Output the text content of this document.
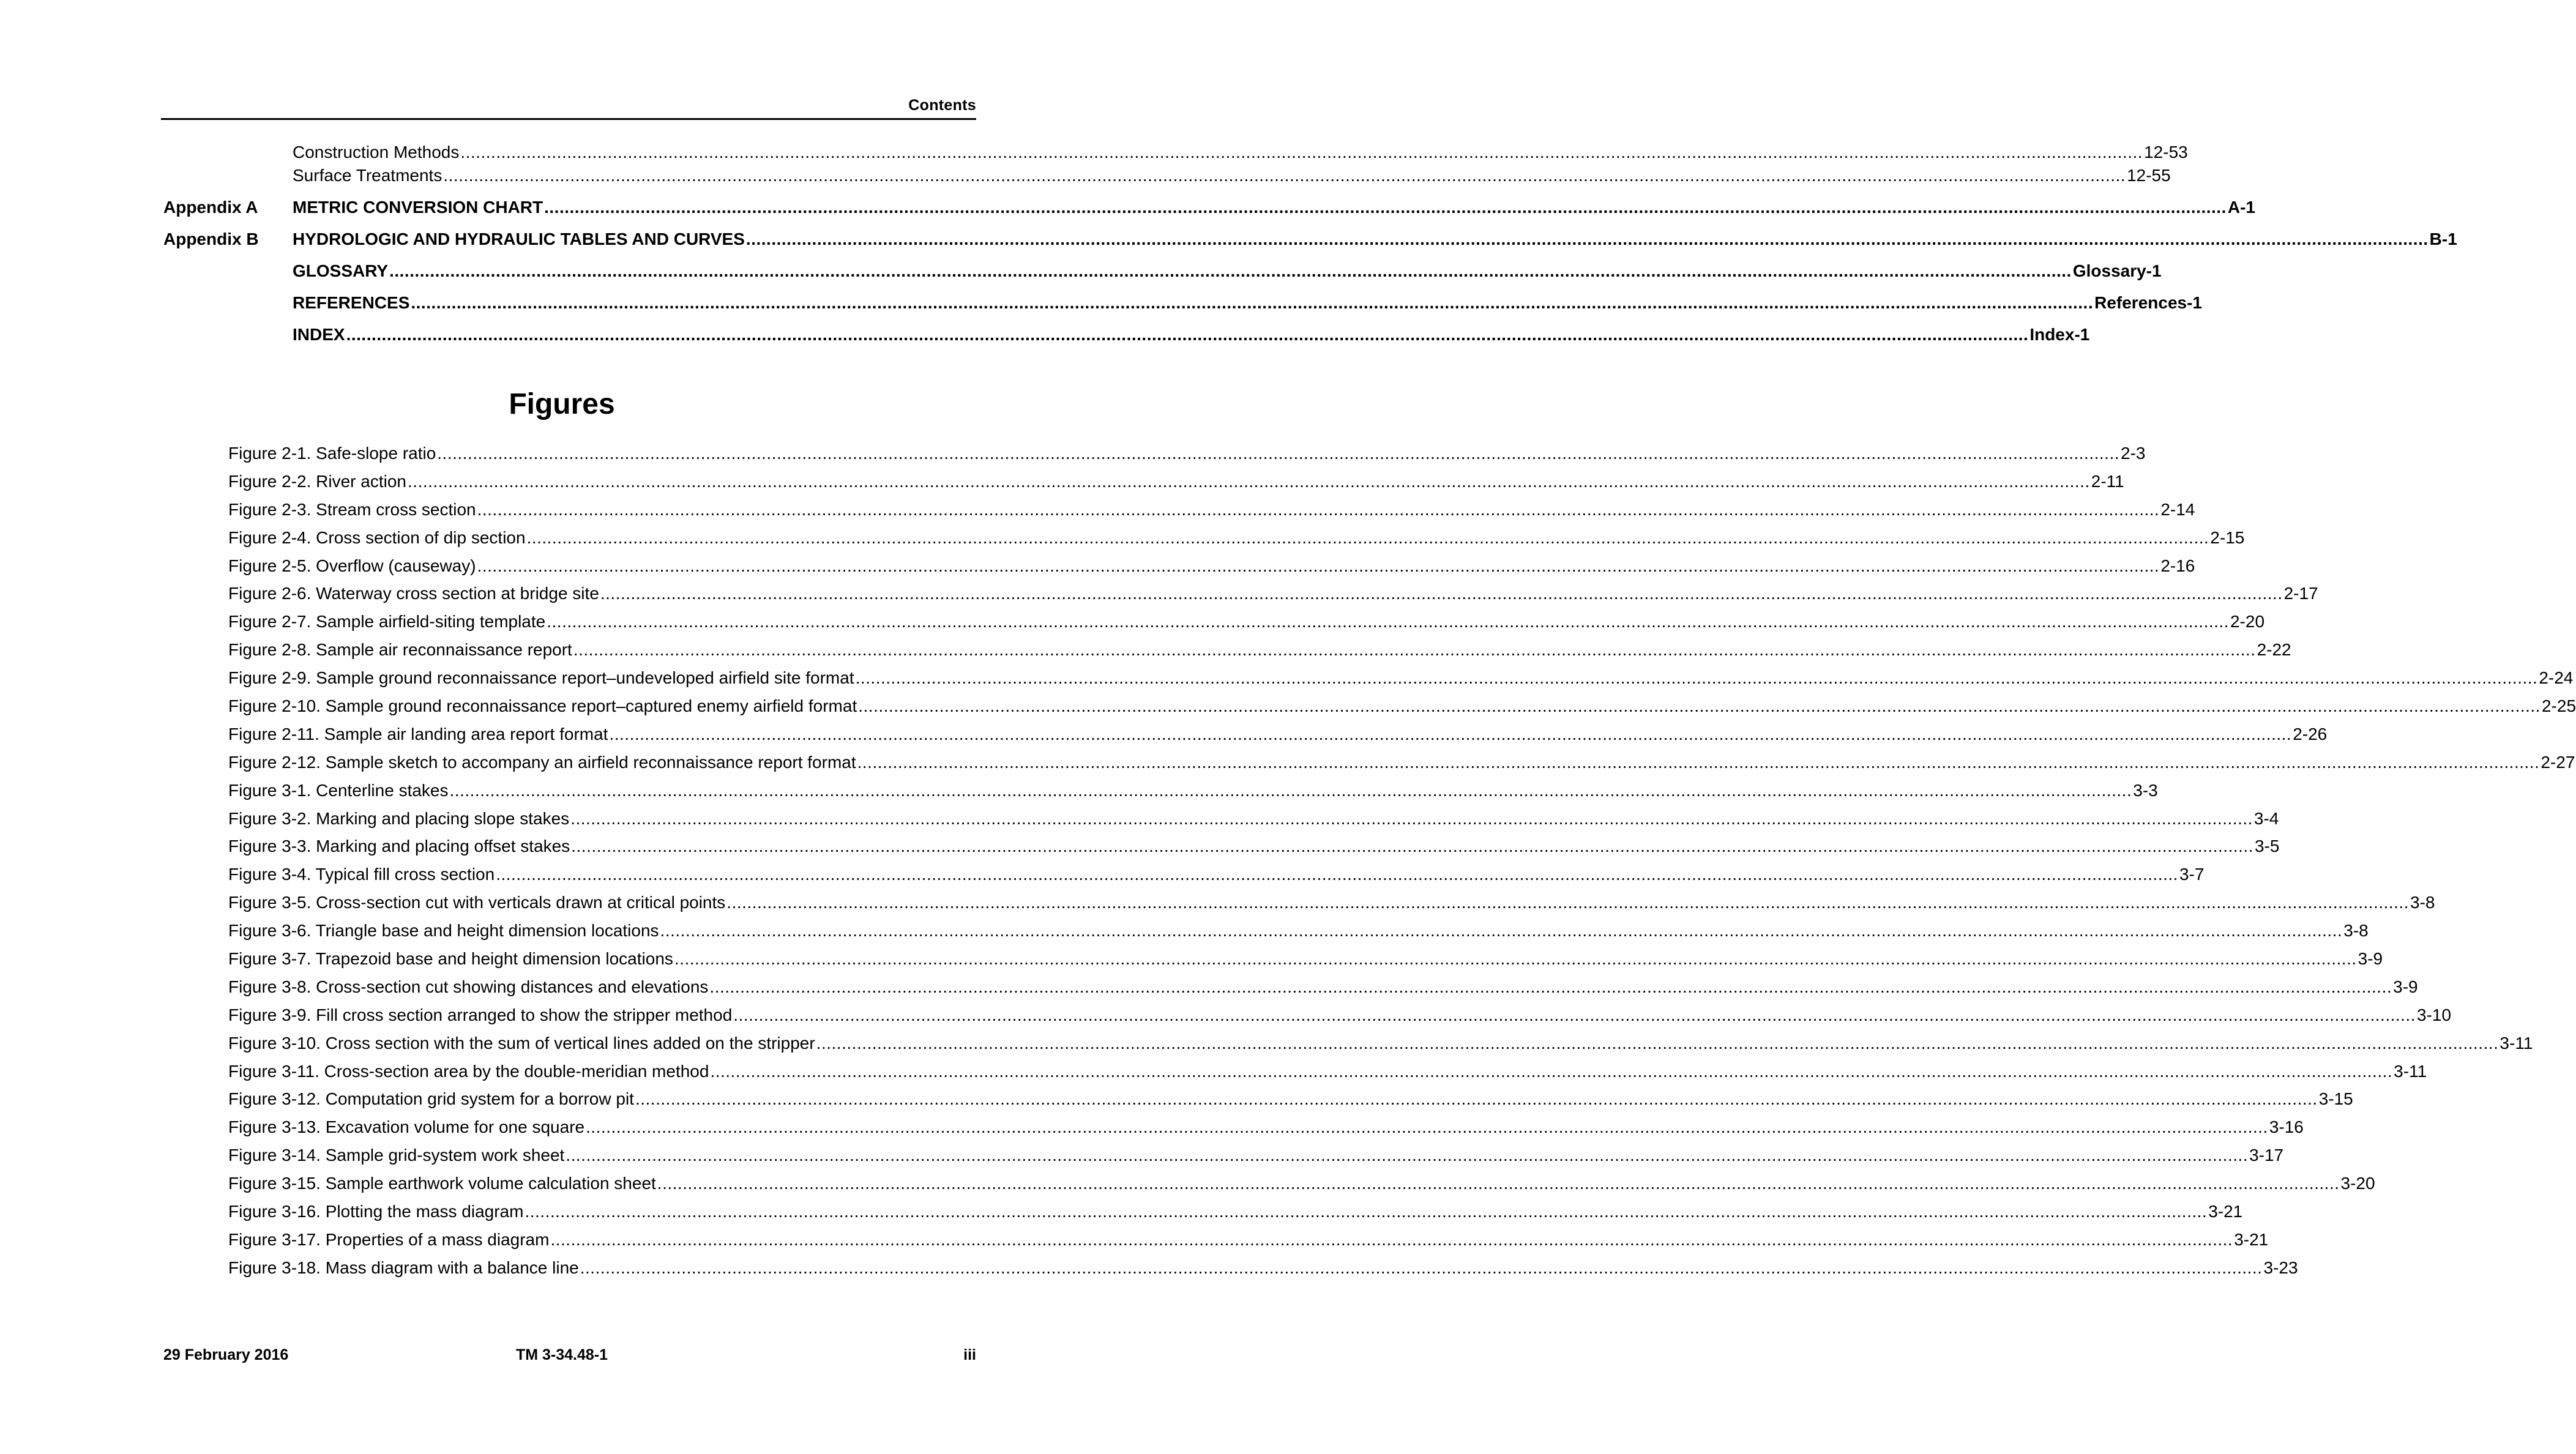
Contents
Construction Methods .....	12-53
Surface Treatments .....	12-55
Appendix A METRIC CONVERSION CHART .....	A-1
Appendix B HYDROLOGIC AND HYDRAULIC TABLES AND CURVES .....	B-1
GLOSSARY .....	Glossary-1
REFERENCES .....	References-1
INDEX .....	Index-1
Figures
Figure 2-1. Safe-slope ratio .....	2-3
Figure 2-2. River action .....	2-11
Figure 2-3. Stream cross section .....	2-14
Figure 2-4. Cross section of dip section .....	2-15
Figure 2-5. Overflow (causeway) .....	2-16
Figure 2-6. Waterway cross section at bridge site .....	2-17
Figure 2-7. Sample airfield-siting template .....	2-20
Figure 2-8. Sample air reconnaissance report .....	2-22
Figure 2-9. Sample ground reconnaissance report–undeveloped airfield site format .....	2-24
Figure 2-10. Sample ground reconnaissance report–captured enemy airfield format .....	2-25
Figure 2-11. Sample air landing area report format .....	2-26
Figure 2-12. Sample sketch to accompany an airfield reconnaissance report format .....	2-27
Figure 3-1. Centerline stakes .....	3-3
Figure 3-2. Marking and placing slope stakes .....	3-4
Figure 3-3. Marking and placing offset stakes .....	3-5
Figure 3-4. Typical fill cross section .....	3-7
Figure 3-5. Cross-section cut with verticals drawn at critical points .....	3-8
Figure 3-6. Triangle base and height dimension locations .....	3-8
Figure 3-7. Trapezoid base and height dimension locations .....	3-9
Figure 3-8. Cross-section cut showing distances and elevations .....	3-9
Figure 3-9. Fill cross section arranged to show the stripper method .....	3-10
Figure 3-10. Cross section with the sum of vertical lines added on the stripper .....	3-11
Figure 3-11. Cross-section area by the double-meridian method .....	3-11
Figure 3-12. Computation grid system for a borrow pit .....	3-15
Figure 3-13. Excavation volume for one square .....	3-16
Figure 3-14. Sample grid-system work sheet .....	3-17
Figure 3-15. Sample earthwork volume calculation sheet .....	3-20
Figure 3-16. Plotting the mass diagram .....	3-21
Figure 3-17. Properties of a mass diagram .....	3-21
Figure 3-18. Mass diagram with a balance line .....	3-23
29 February 2016	TM 3-34.48-1	iii
